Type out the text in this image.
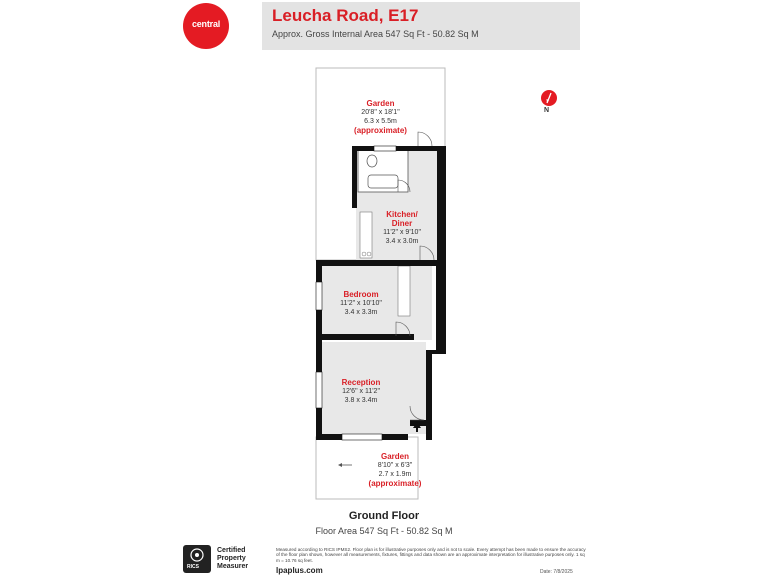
central	Leucha Road, E17
Approx. Gross Internal Area 547 Sq Ft - 50.82 Sq M
N
Garden
20'8" x 18'1"
6.3 x 5.5m
(approximate)
Kitchen/
Diner
11'2" x 9'10"
3.4 x 3.0m
Bedroom
11'2" x 10'10"
3.4 x 3.3m
Reception
12'6" x 11'2"
3.8 x 3.4m
Garden
8'10" x 6'3"
2.7 x 1.9m
(approximate)
Ground Floor
Floor Area 547 Sq Ft - 50.82 Sq M
RICS
Certified
Property
Measurer
Measured according to RICS IPMS2. Floor plan is for illustrative purposes only and is not to scale. Every attempt has been made to ensure the accuracy of the floor plan shown, however all measurements, fixtures, fittings and data shown are an approximate interpretation for illustrative purposes only. 1 sq m = 10.76 sq feet.
lpaplus.com	Date: 7/8/2025
